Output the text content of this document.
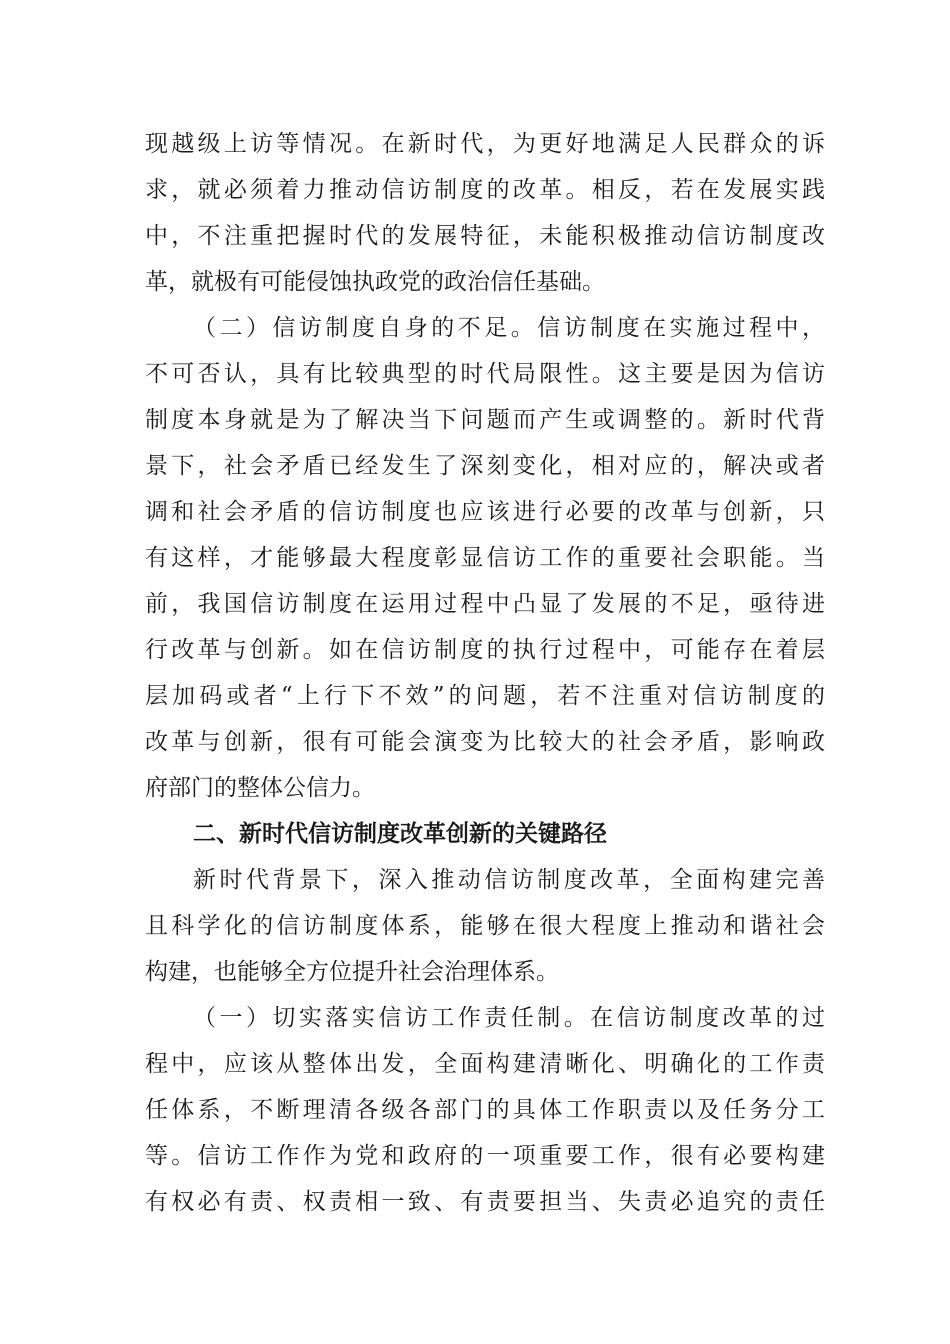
现越级上访等情况。在新时代，为更好地满足人民群众的诉
求，就必须着力推动信访制度的改革。相反，若在发展实践
中，不注重把握时代的发展特征，未能积极推动信访制度改
革，就极有可能侵蚀执政党的政治信任基础。
（二）信访制度自身的不足。信访制度在实施过程中，
不可否认，具有比较典型的时代局限性。这主要是因为信访
制度本身就是为了解决当下问题而产生或调整的。新时代背
景下，社会矛盾已经发生了深刻变化，相对应的，解决或者
调和社会矛盾的信访制度也应该进行必要的改革与创新，只
有这样，才能够最大程度彰显信访工作的重要社会职能。当
前，我国信访制度在运用过程中凸显了发展的不足，亟待进
行改革与创新。如在信访制度的执行过程中，可能存在着层
层加码或者“上行下不效”的问题，若不注重对信访制度的
改革与创新，很有可能会演变为比较大的社会矛盾，影响政
府部门的整体公信力。
二、新时代信访制度改革创新的关键路径
新时代背景下，深入推动信访制度改革，全面构建完善
且科学化的信访制度体系，能够在很大程度上推动和谐社会
构建，也能够全方位提升社会治理体系。
（一）切实落实信访工作责任制。在信访制度改革的过
程中，应该从整体出发，全面构建清晰化、明确化的工作责
任体系，不断理清各级各部门的具体工作职责以及任务分工
等。信访工作作为党和政府的一项重要工作，很有必要构建
有权必有责、权责相一致、有责要担当、失责必追究的责任
